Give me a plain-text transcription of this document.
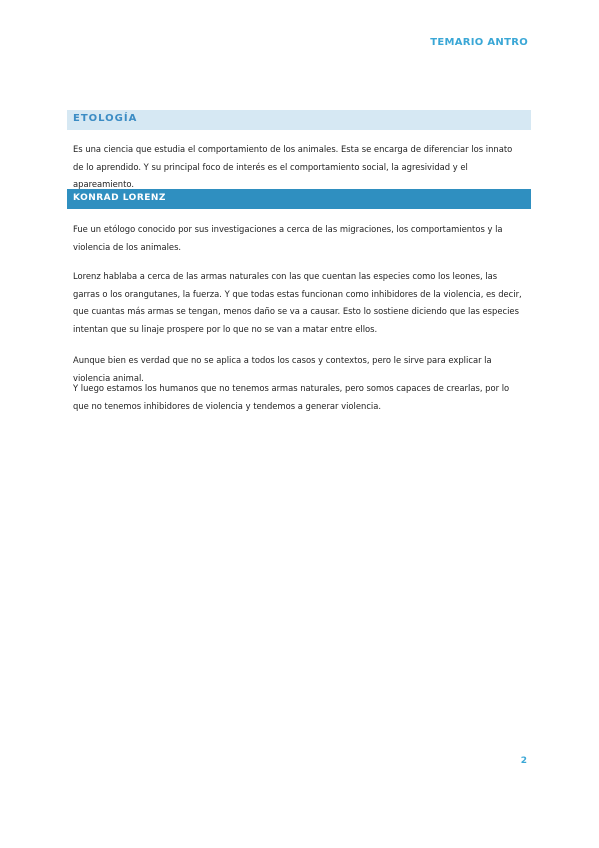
TEMARIO ANTRO
ETOLOGÍA
Es una ciencia que estudia el comportamiento de los animales. Esta se encarga de diferenciar los innato de lo aprendido. Y su principal foco de interés es el comportamiento social, la agresividad y el apareamiento.
KONRAD LORENZ
Fue un etólogo conocido por sus investigaciones a cerca de las migraciones, los comportamientos y la violencia de los animales.
Lorenz hablaba a cerca de las armas naturales con las que cuentan las especies como los leones, las garras o los orangutanes, la fuerza. Y que todas estas funcionan como inhibidores de la violencia, es decir, que cuantas más armas se tengan, menos daño se va a causar. Esto lo sostiene diciendo que las especies intentan que su linaje prospere por lo que no se van a matar entre ellos.
Aunque bien es verdad que no se aplica a todos los casos y contextos, pero le sirve para explicar la violencia animal.
Y luego estamos los humanos que no tenemos armas naturales, pero somos capaces de crearlas, por lo que no tenemos inhibidores de violencia y tendemos a generar violencia.
2
